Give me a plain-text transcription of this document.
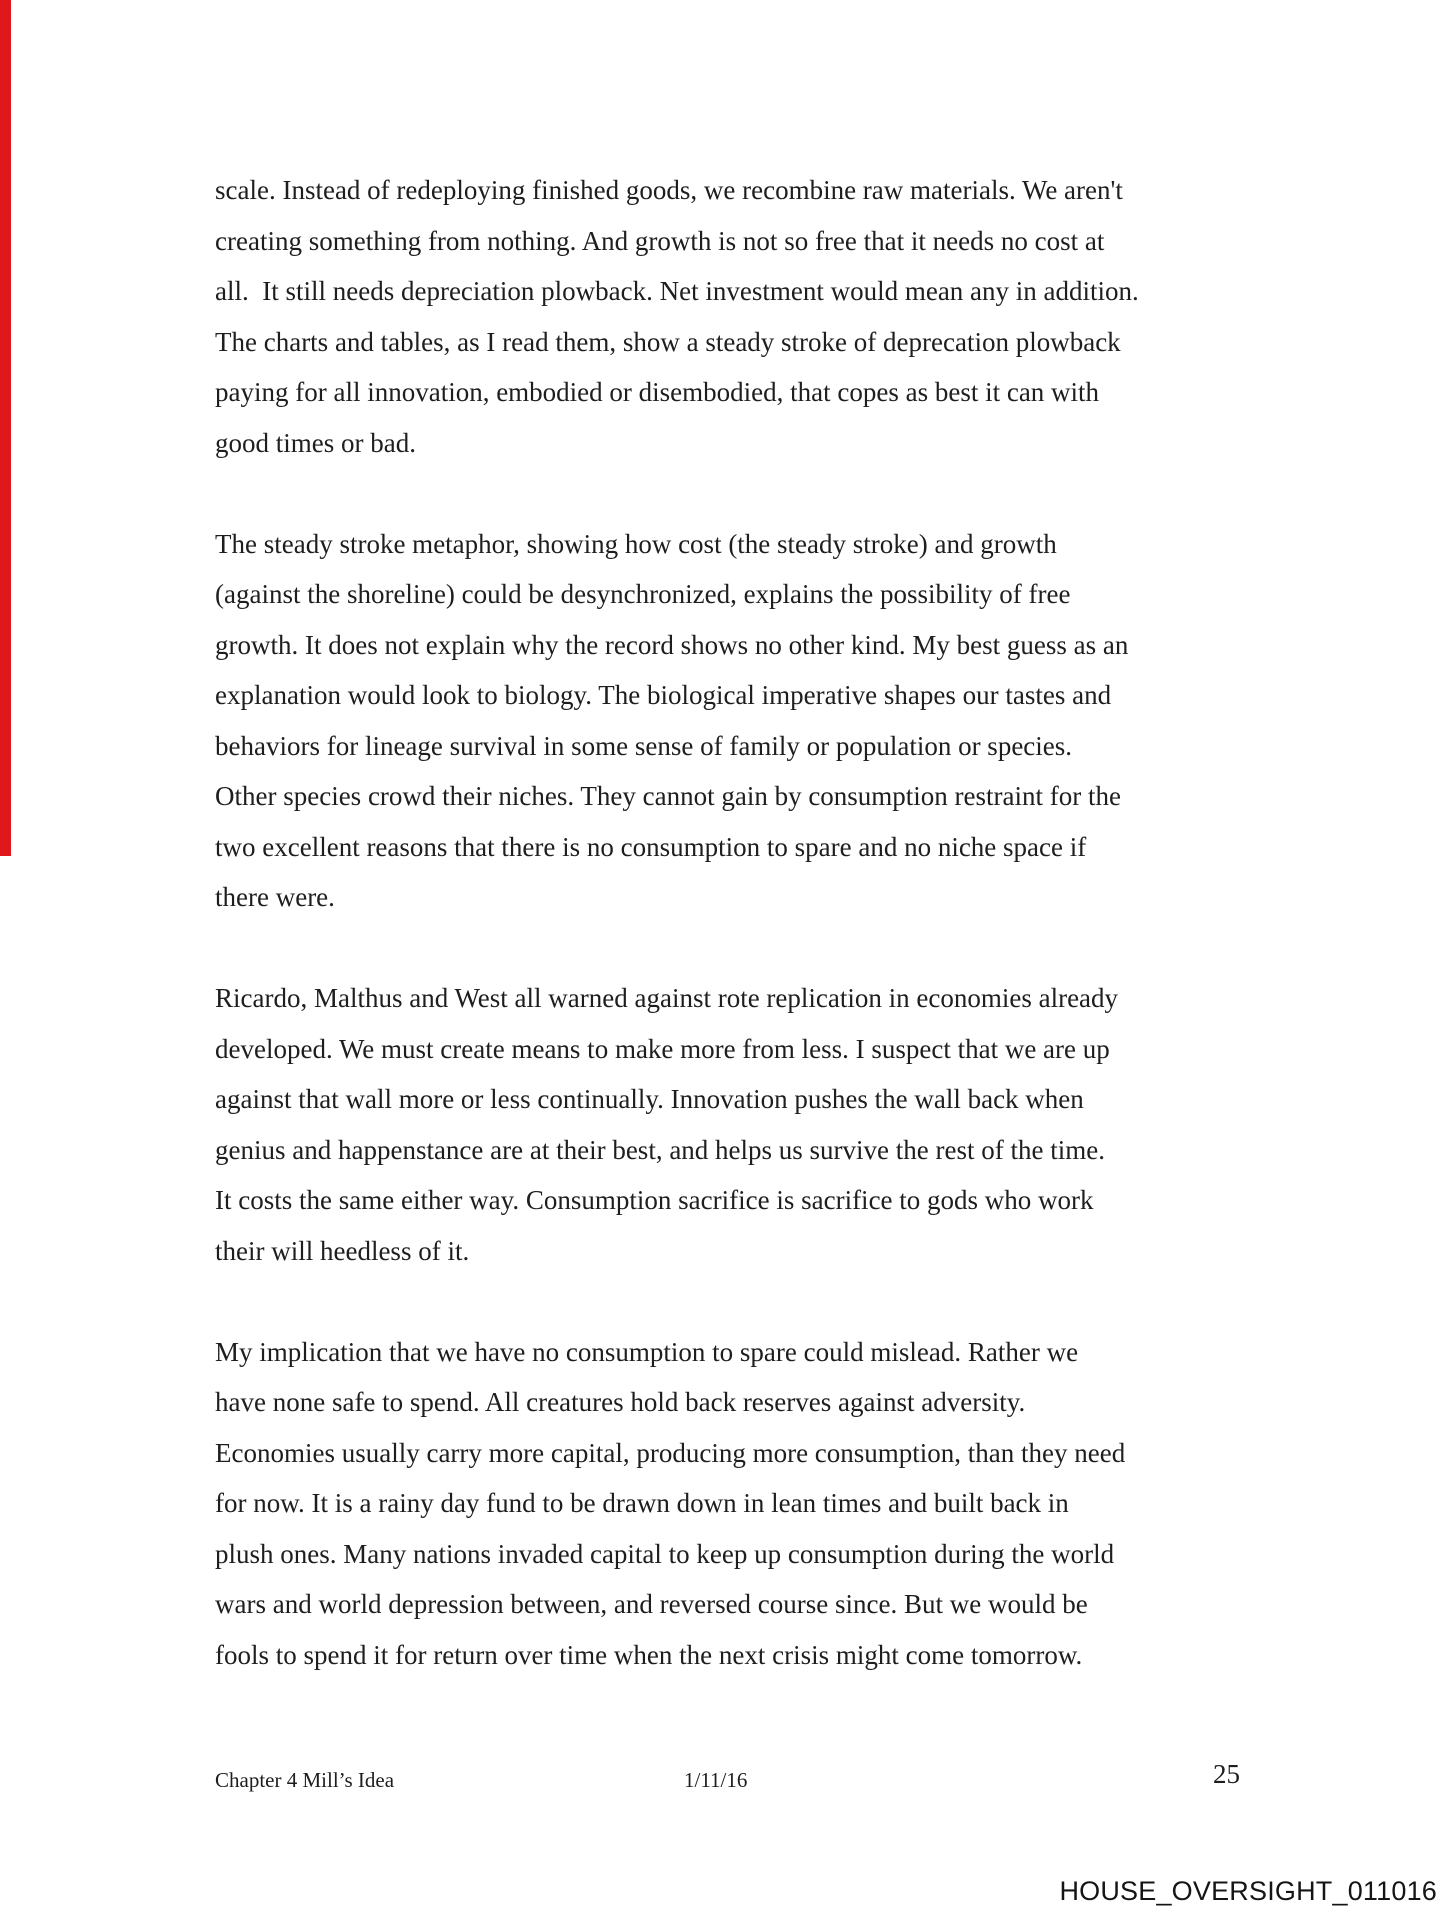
scale. Instead of redeploying finished goods, we recombine raw materials. We aren't
creating something from nothing. And growth is not so free that it needs no cost at
all.  It still needs depreciation plowback. Net investment would mean any in addition.
The charts and tables, as I read them, show a steady stroke of deprecation plowback
paying for all innovation, embodied or disembodied, that copes as best it can with
good times or bad.
The steady stroke metaphor, showing how cost (the steady stroke) and growth
(against the shoreline) could be desynchronized, explains the possibility of free
growth. It does not explain why the record shows no other kind. My best guess as an
explanation would look to biology. The biological imperative shapes our tastes and
behaviors for lineage survival in some sense of family or population or species.
Other species crowd their niches. They cannot gain by consumption restraint for the
two excellent reasons that there is no consumption to spare and no niche space if
there were.
Ricardo, Malthus and West all warned against rote replication in economies already
developed. We must create means to make more from less. I suspect that we are up
against that wall more or less continually. Innovation pushes the wall back when
genius and happenstance are at their best, and helps us survive the rest of the time.
It costs the same either way. Consumption sacrifice is sacrifice to gods who work
their will heedless of it.
My implication that we have no consumption to spare could mislead. Rather we
have none safe to spend. All creatures hold back reserves against adversity.
Economies usually carry more capital, producing more consumption, than they need
for now. It is a rainy day fund to be drawn down in lean times and built back in
plush ones. Many nations invaded capital to keep up consumption during the world
wars and world depression between, and reversed course since. But we would be
fools to spend it for return over time when the next crisis might come tomorrow.
Chapter 4 Mill’s Idea	1/11/16	25
HOUSE_OVERSIGHT_011016
